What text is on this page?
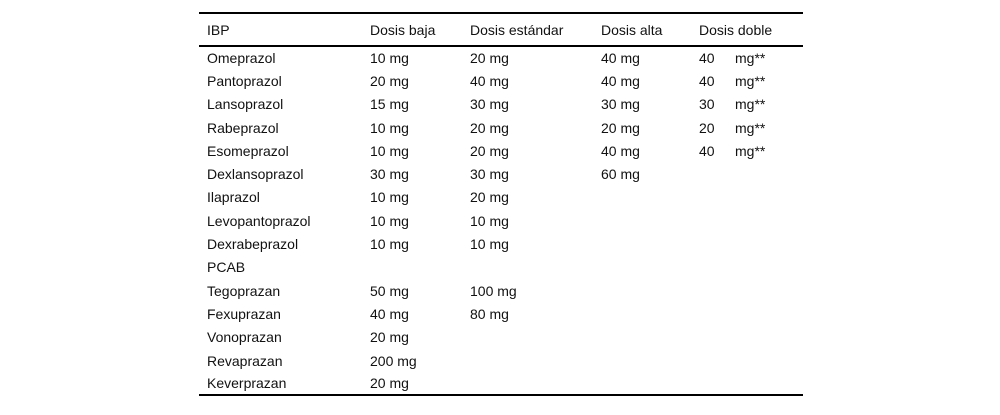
IBP	Dosis baja	Dosis estándar	Dosis alta	Dosis doble
Omeprazol	10 mg	20 mg	40 mg	40 mg**
Pantoprazol	20 mg	40 mg	40 mg	40 mg**
Lansoprazol	15 mg	30 mg	30 mg	30 mg**
Rabeprazol	10 mg	20 mg	20 mg	20 mg**
Esomeprazol	10 mg	20 mg	40 mg	40 mg**
Dexlansoprazol	30 mg	30 mg	60 mg	
Ilaprazol	10 mg	20 mg		
Levopantoprazol	10 mg	10 mg		
Dexrabeprazol	10 mg	10 mg		
PCAB				
Tegoprazan	50 mg	100 mg		
Fexuprazan	40 mg	80 mg		
Vonoprazan	20 mg			
Revaprazan	200 mg			
Keverprazan	20 mg			
